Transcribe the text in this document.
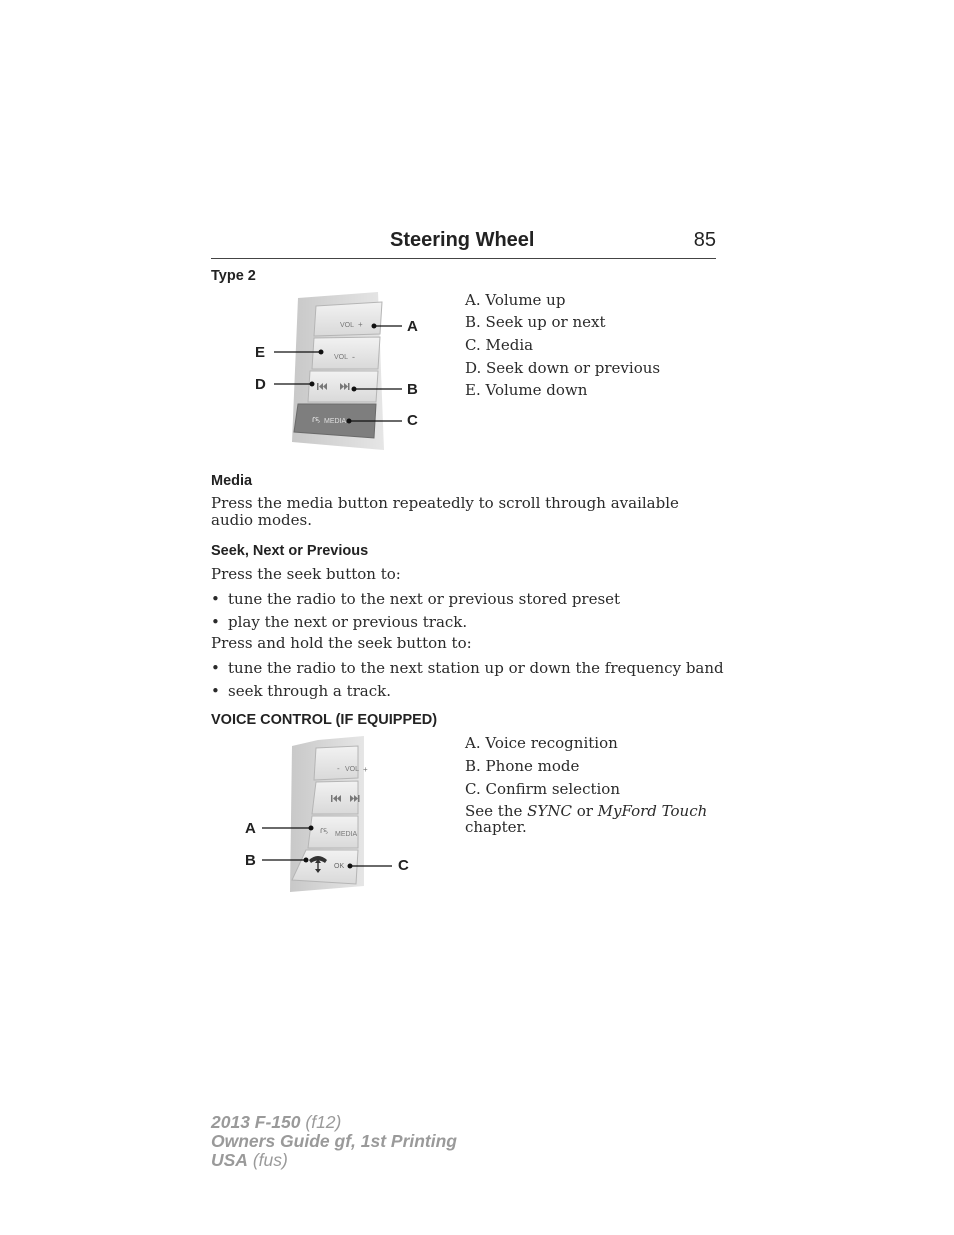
Steering Wheel	85
Type 2
VOL +
VOL -
ɾ૬ MEDIA
A
E
D	B
C
A. Volume up
B. Seek up or next
C. Media
D. Seek down or previous
E. Volume down
Media
Press the media button repeatedly to scroll through available audio modes.
Seek, Next or Previous
Press the seek button to:
• tune the radio to the next or previous stored preset
• play the next or previous track.
Press and hold the seek button to:
• tune the radio to the next station up or down the frequency band
• seek through a track.
VOICE CONTROL (IF EQUIPPED)
- VOL +
ɾ૬ MEDIA
OK
A
B	C
A. Voice recognition
B. Phone mode
C. Confirm selection
See the SYNC or MyFord Touch
chapter.
2013 F-150 (f12)
Owners Guide gf, 1st Printing
USA (fus)
